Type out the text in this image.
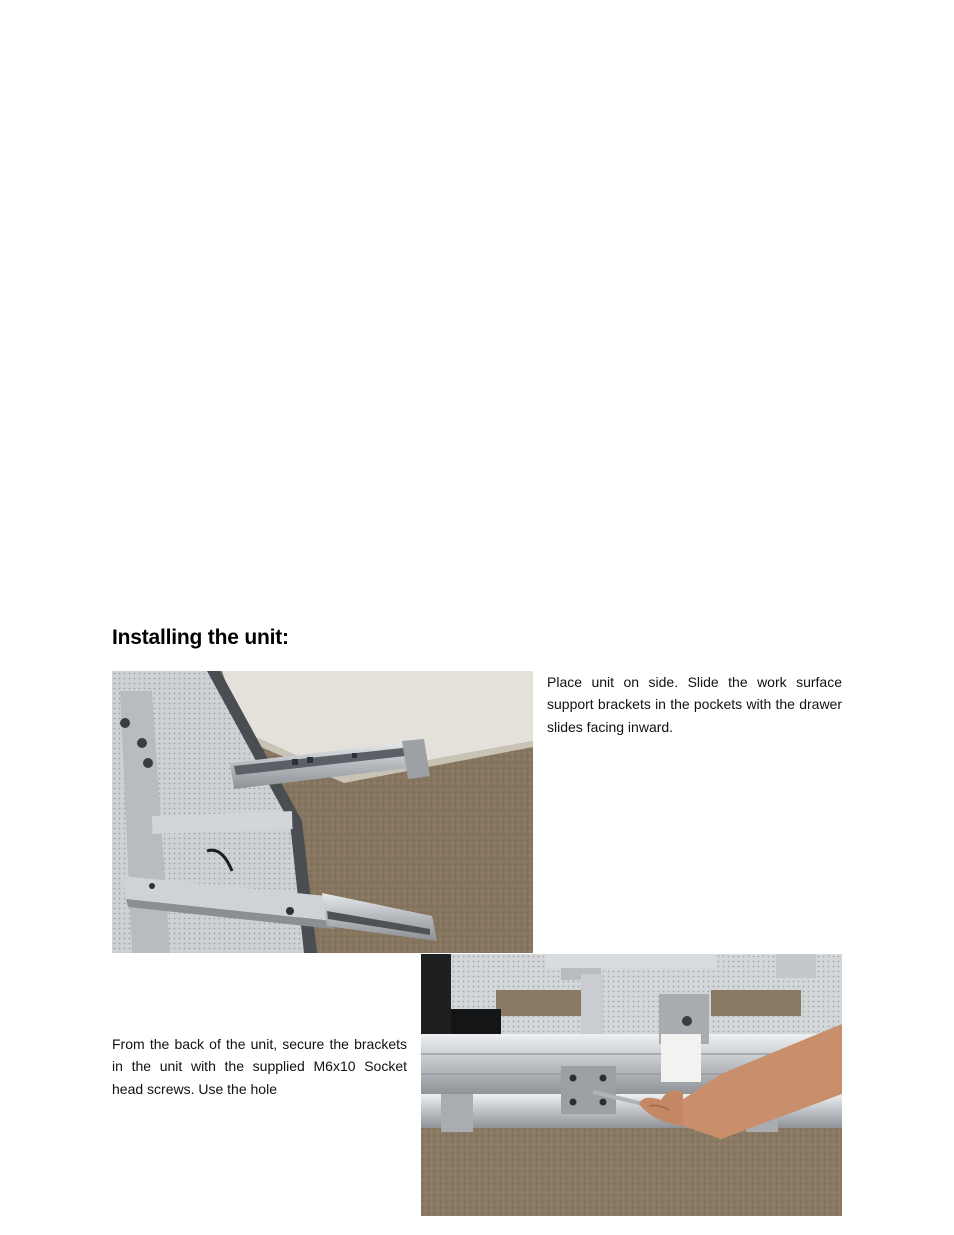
Installing the unit:

Place unit on side. Slide the work surface support brackets in the pockets with the drawer slides facing inward.

From the back of the unit, secure the brackets in the unit with the supplied M6x10 Socket head screws. Use the hole
